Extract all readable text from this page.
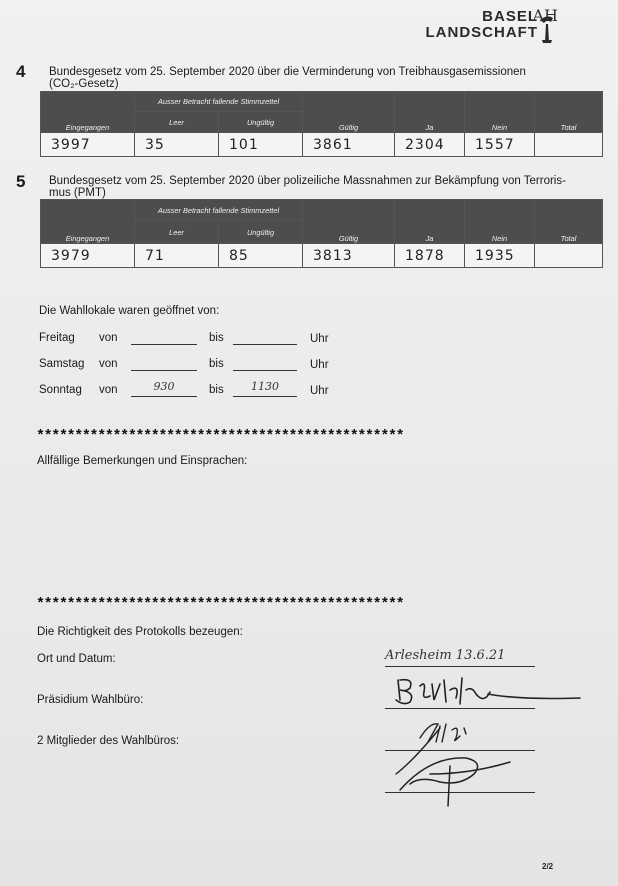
BASEL
LANDSCHAFT
AH
4 Bundesgesetz vom 25. September 2020 über die Verminderung von Treibhausgasemissionen
(CO₂-Gesetz)
Eingegangen	Ausser Betracht fallende Stimmzettel		Gültig	Ja	Nein	Total
	Leer	Ungültig				
3997	35	101	3861	2304	1557	
5 Bundesgesetz vom 25. September 2020 über polizeiliche Massnahmen zur Bekämpfung von Terroris-
mus (PMT)
Eingegangen	Ausser Betracht fallende Stimmzettel		Gültig	Ja	Nein	Total
	Leer	Ungültig				
3979	71	85	3813	1878	1935	
Die Wahllokale waren geöffnet von:
Freitag von	bis	Uhr
Samstag von	bis	Uhr
Sonntag von	930	bis	1130	Uhr
************************************************
Allfällige Bemerkungen und Einsprachen:
************************************************
Die Richtigkeit des Protokolls bezeugen:
Ort und Datum:	Arlesheim 13.6.21
Präsidium Wahlbüro:
2 Mitglieder des Wahlbüros:
2/2
